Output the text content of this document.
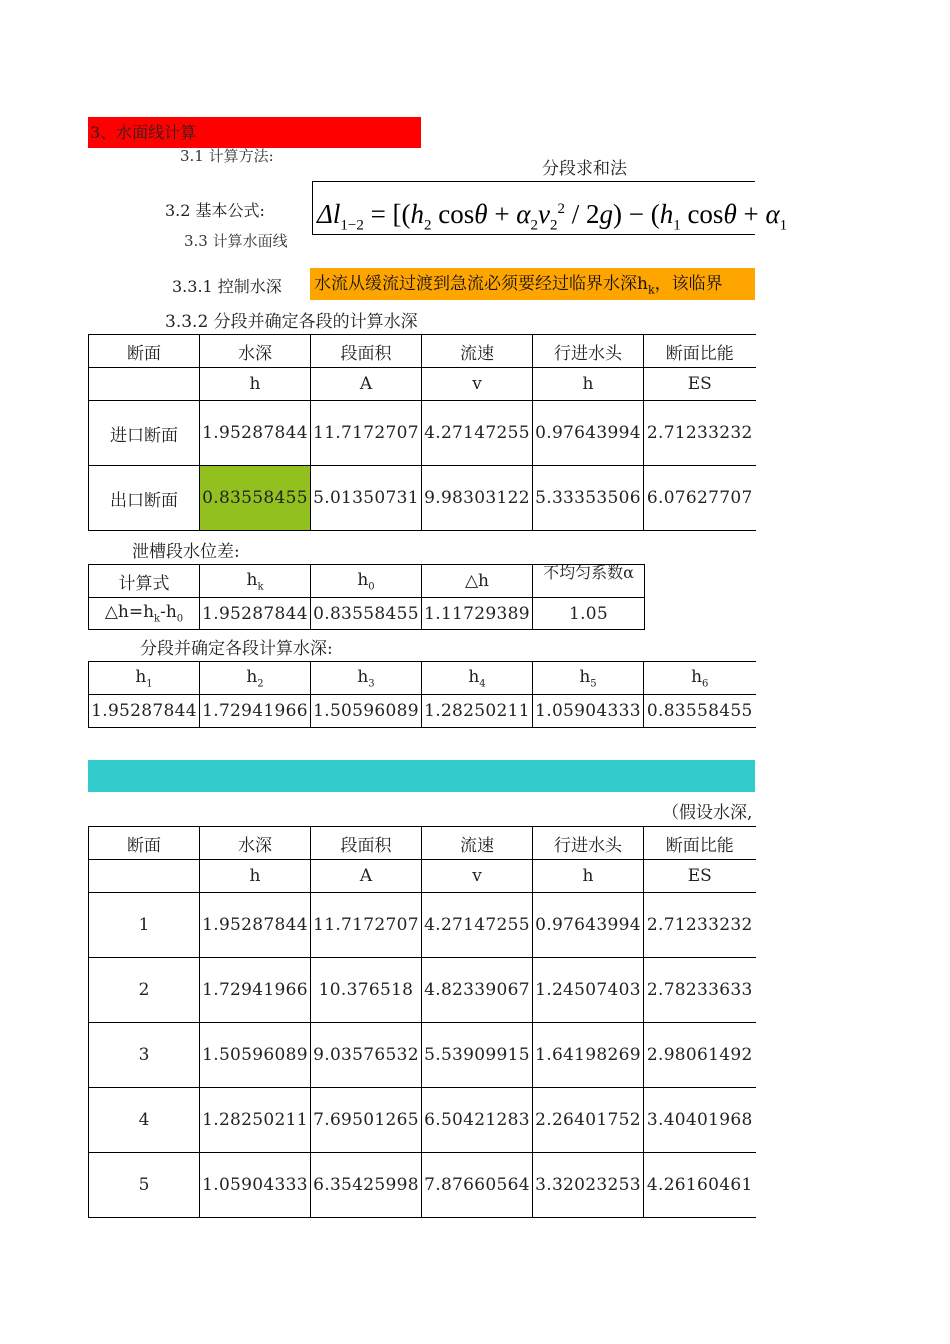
3、水面线计算
3.1 计算方法:
分段求和法
3.2 基本公式: $\Delta l_{1-2} = [(h_2$ $\cos\theta + \alpha_2v_2^2 / 2g) - (h_1$ $\cos\theta + \alpha_1$
3.3 计算水面线
3.3.1 控制水深 水流从缓流过渡到急流必须要经过临界水深$h_k$，该临界
3.3.2 分段并确定各段的计算水深
断面	水深	段面积	流速	行进水头	断面比能
	h	A	v	h	ES
进口断面	1.95287844	11.7172707	4.27147255	0.97643994	2.71233232
出口断面	0.83558455	5.01350731	9.98303122	5.33353506	6.07627707
泄槽段水位差:
计算式	$h_k$	$h_0$	△h	不均匀系数α
$\triangle h=h_k-h_0$	1.95287844	0.83558455	1.11729389	1.05
分段并确定各段计算水深:
$h_1$	$h_2$	$h_3$	$h_4$	$h_5$	$h_6$
1.95287844	1.72941966	1.50596089	1.28250211	1.05904333	0.83558455
（假设水深,
断面	水深	段面积	流速	行进水头	断面比能
	h	A	v	h	ES
1	1.95287844	11.7172707	4.27147255	0.97643994	2.71233232
2	1.72941966	10.376518	4.82339067	1.24507403	2.78233633
3	1.50596089	9.03576532	5.53909915	1.64198269	2.98061492
4	1.28250211	7.69501265	6.50421283	2.26401752	3.40401968
5	1.05904333	6.35425998	7.87660564	3.32023253	4.26160461
